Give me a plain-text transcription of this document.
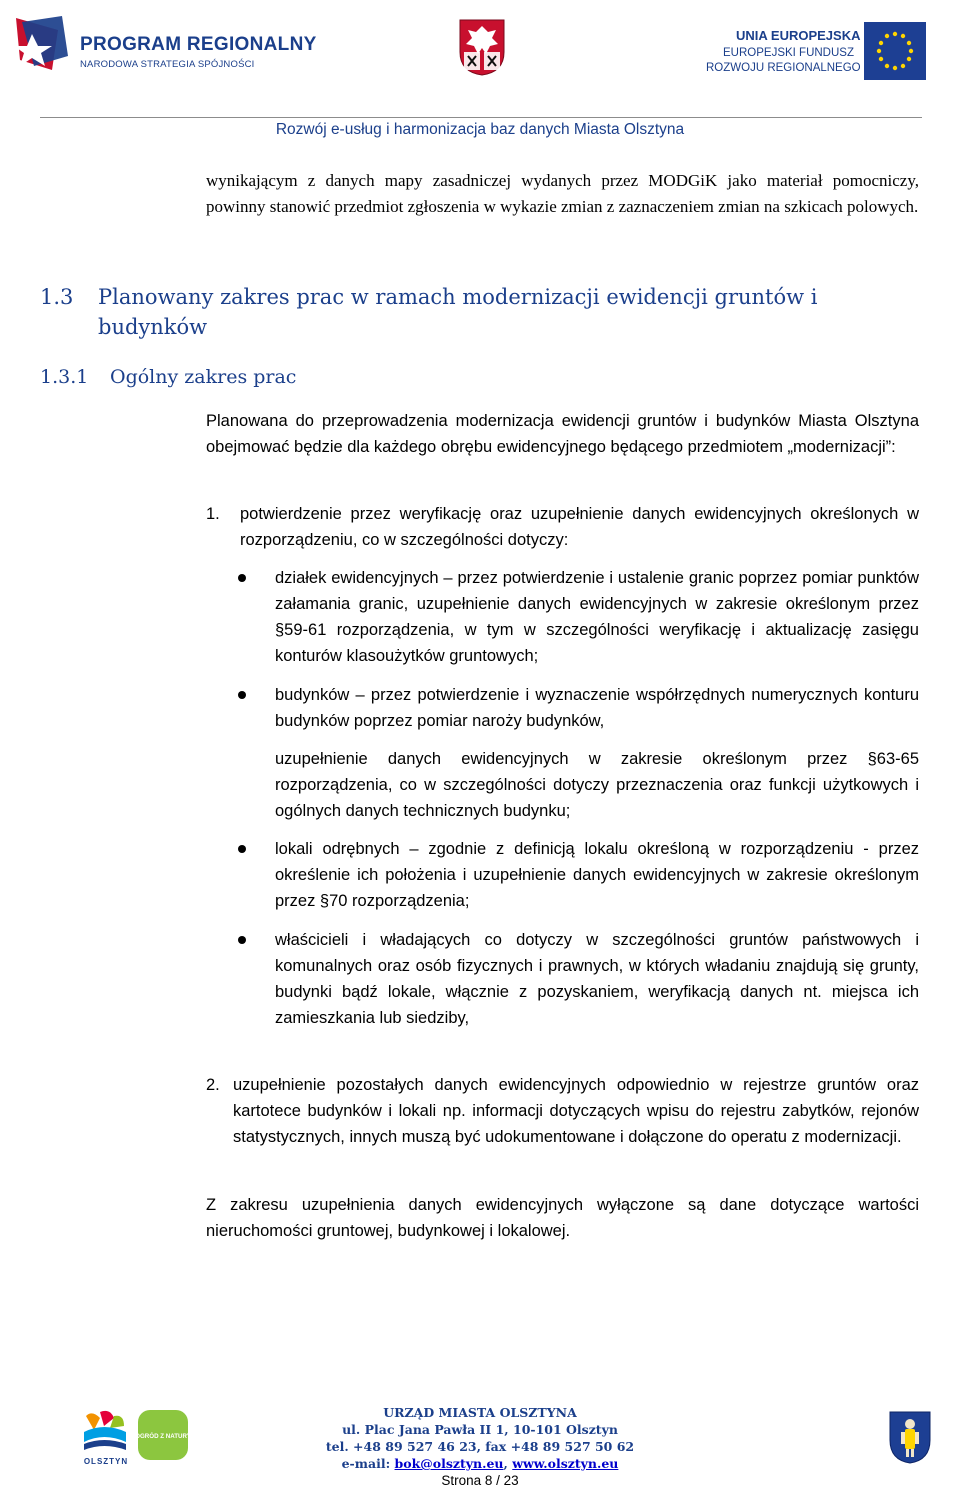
PROGRAM REGIONALNY
NARODOWA STRATEGIA SPÓJNOŚCI
UNIA EUROPEJSKA
EUROPEJSKI FUNDUSZ
ROZWOJU REGIONALNEGO
Rozwój e-usług i harmonizacja baz danych Miasta Olsztyna
wynikającym z danych mapy zasadniczej wydanych przez MODGiK jako materiał pomocniczy, powinny stanowić przedmiot zgłoszenia w wykazie zmian z zaznaczeniem zmian na szkicach polowych.
1.3 Planowany zakres prac w ramach modernizacji ewidencji gruntów i
budynków
1.3.1 Ogólny zakres prac
Planowana do przeprowadzenia modernizacja ewidencji gruntów i budynków Miasta Olsztyna obejmować będzie dla każdego obrębu ewidencyjnego będącego przedmiotem „modernizacji”:
1. potwierdzenie przez weryfikację oraz uzupełnienie danych ewidencyjnych określonych w rozporządzeniu, co w szczególności dotyczy:
działek ewidencyjnych – przez potwierdzenie i ustalenie granic poprzez pomiar punktów załamania granic, uzupełnienie danych ewidencyjnych w zakresie określonym przez §59-61 rozporządzenia, w tym w szczególności weryfikację i aktualizację zasięgu konturów klasoużytków gruntowych;
budynków – przez potwierdzenie i wyznaczenie współrzędnych numerycznych konturu budynków poprzez pomiar naroży budynków,
uzupełnienie danych ewidencyjnych w zakresie określonym przez §63-65 rozporządzenia, co w szczególności dotyczy przeznaczenia oraz funkcji użytkowych i ogólnych danych technicznych budynku;
lokali odrębnych – zgodnie z definicją lokalu określoną w rozporządzeniu - przez określenie ich położenia i uzupełnienie danych ewidencyjnych w zakresie określonym przez §70 rozporządzenia;
właścicieli i władających co dotyczy w szczególności gruntów państwowych i komunalnych oraz osób fizycznych i prawnych, w których władaniu znajdują się grunty, budynki bądź lokale, włącznie z pozyskaniem, weryfikacją danych nt. miejsca ich zamieszkania lub siedziby,
2. uzupełnienie pozostałych danych ewidencyjnych odpowiednio w rejestrze gruntów oraz kartotece budynków i lokali np. informacji dotyczących wpisu do rejestru zabytków, rejonów statystycznych, innych muszą być udokumentowane i dołączone do operatu z modernizacji.
Z zakresu uzupełnienia danych ewidencyjnych wyłączone są dane dotyczące wartości nieruchomości gruntowej, budynkowej i lokalowej.
OLSZTYN
OGRÓD Z NATURY
URZĄD MIASTA OLSZTYNA
ul. Plac Jana Pawła II 1, 10-101 Olsztyn
tel. +48 89 527 46 23, fax +48 89 527 50 62
e-mail: bok@olsztyn.eu, www.olsztyn.eu
Strona 8 / 23
